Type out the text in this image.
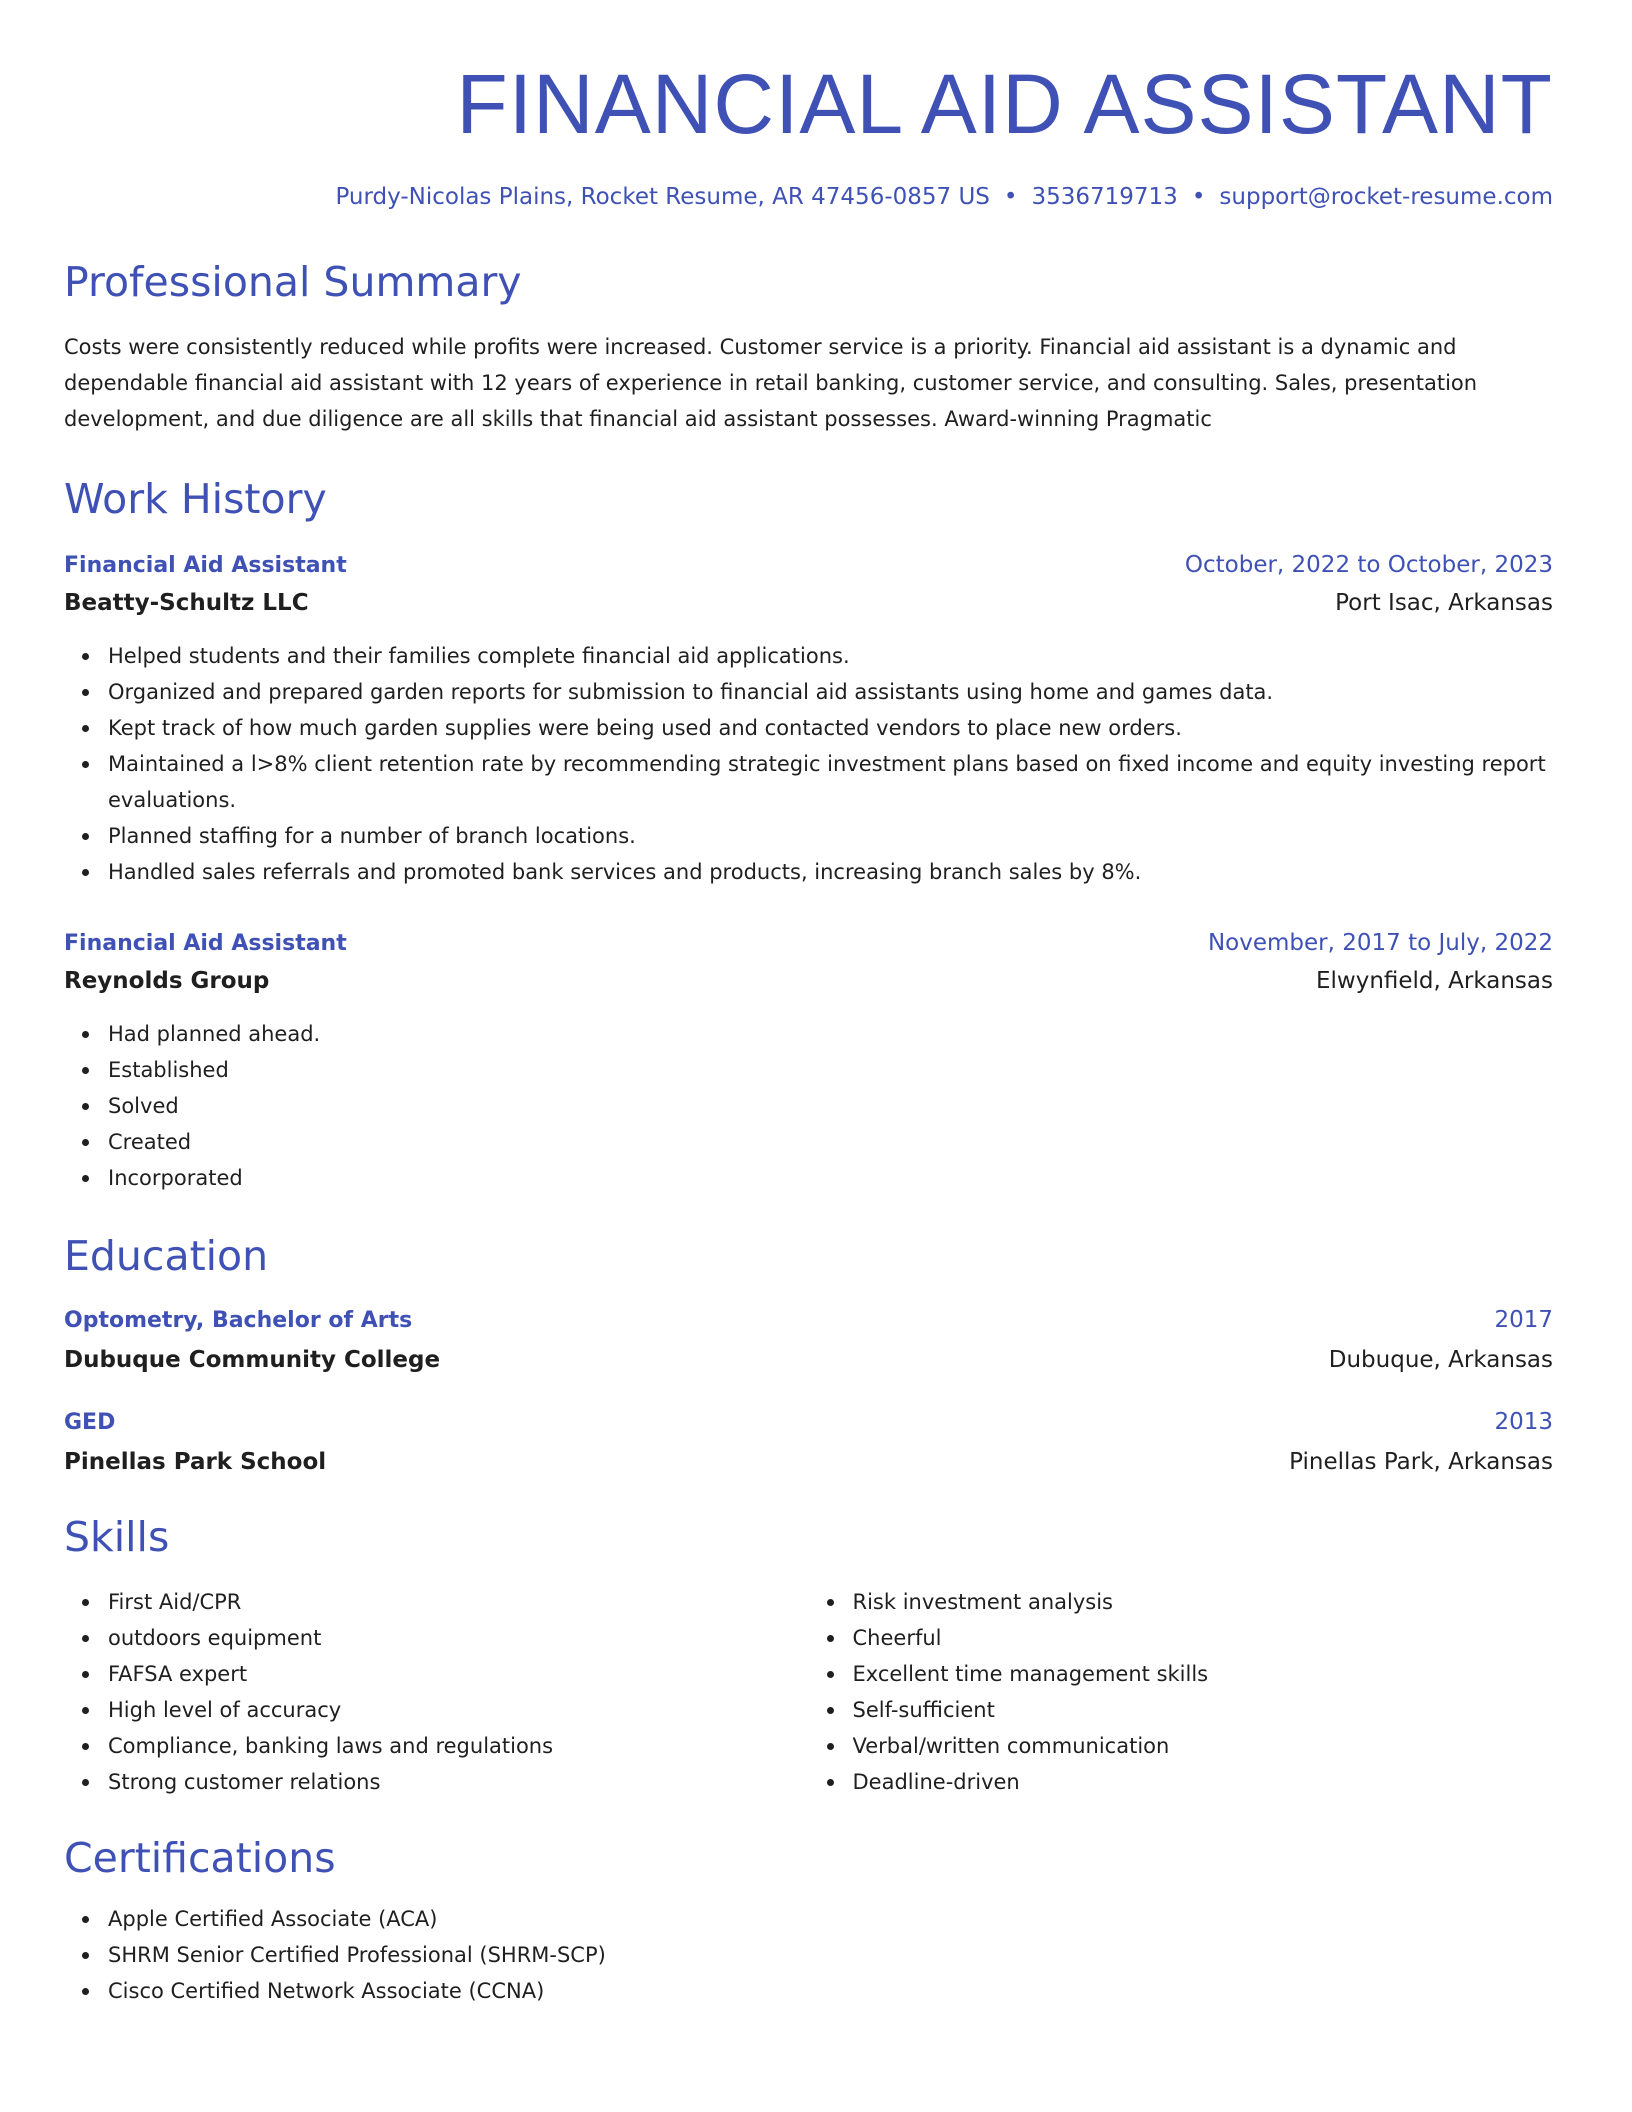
FINANCIAL AID ASSISTANT
Purdy-Nicolas Plains, Rocket Resume, AR 47456-0857 US • 3536719713 • support@rocket-resume.com
Professional Summary

Costs were consistently reduced while profits were increased. Customer service is a priority. Financial aid assistant is a dynamic and dependable financial aid assistant with 12 years of experience in retail banking, customer service, and consulting. Sales, presentation development, and due diligence are all skills that financial aid assistant possesses. Award-winning Pragmatic

Work History
Financial Aid Assistant	October, 2022 to October, 2023
Beatty-Schultz LLC	Port Isac, Arkansas
Helped students and their families complete financial aid applications.
Organized and prepared garden reports for submission to financial aid assistants using home and games data.
Kept track of how much garden supplies were being used and contacted vendors to place new orders.
Maintained a l>8% client retention rate by recommending strategic investment plans based on fixed income and equity investing report evaluations.
Planned staffing for a number of branch locations.
Handled sales referrals and promoted bank services and products, increasing branch sales by 8%.
Financial Aid Assistant	November, 2017 to July, 2022
Reynolds Group	Elwynfield, Arkansas
Had planned ahead.
Established
Solved
Created
Incorporated
Education
Optometry, Bachelor of Arts	2017
Dubuque Community College	Dubuque, Arkansas
GED	2013
Pinellas Park School	Pinellas Park, Arkansas
Skills
First Aid/CPR
outdoors equipment
FAFSA expert
High level of accuracy
Compliance, banking laws and regulations
Strong customer relations
Risk investment analysis
Cheerful
Excellent time management skills
Self-sufficient
Verbal/written communication
Deadline-driven
Certifications
Apple Certified Associate (ACA)
SHRM Senior Certified Professional (SHRM-SCP)
Cisco Certified Network Associate (CCNA)
